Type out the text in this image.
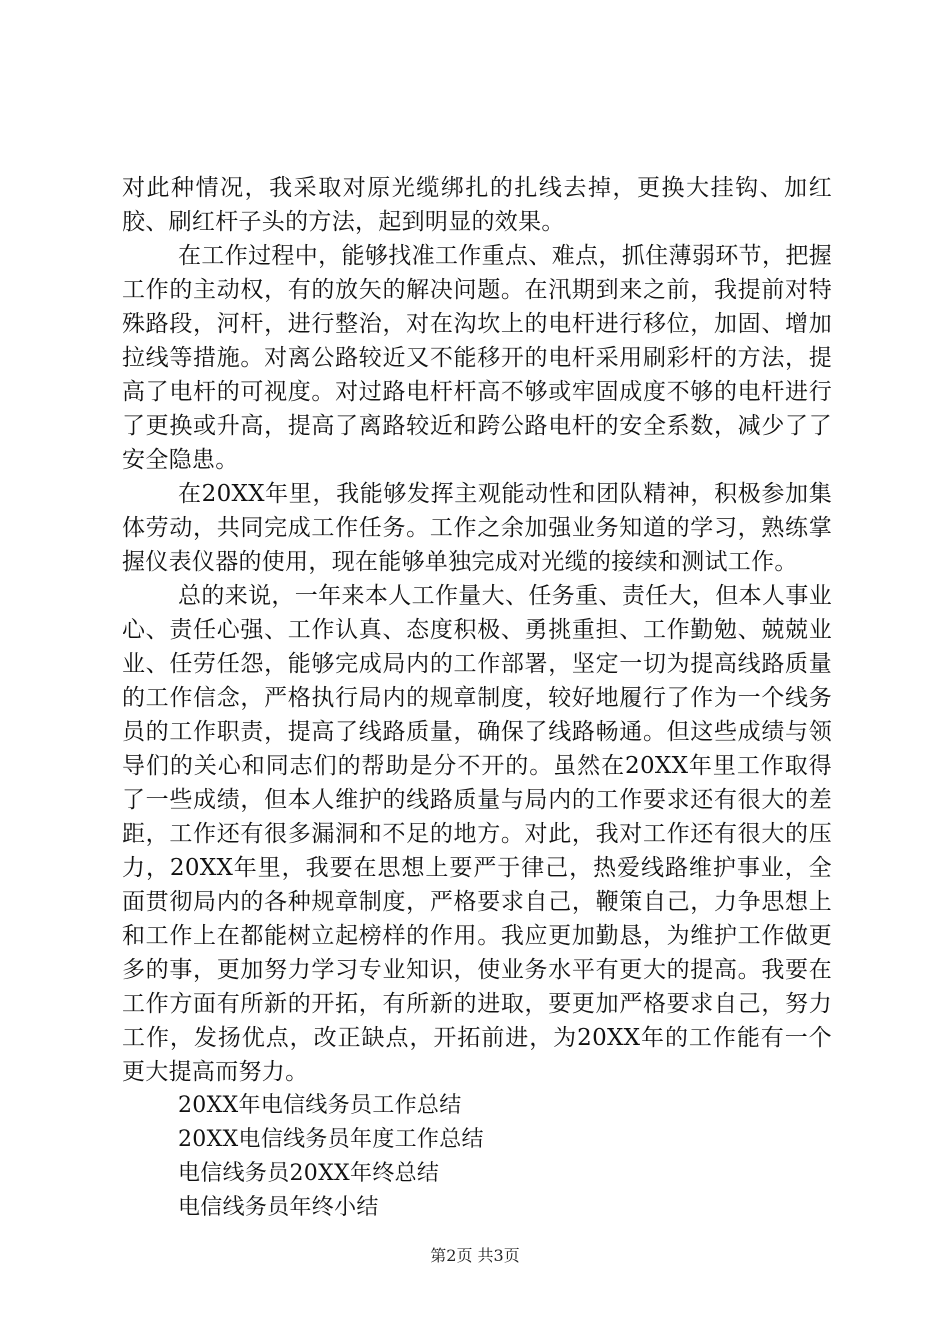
对此种情况，我采取对原光缆绑扎的扎线去掉，更换大挂钩、加红胶、刷红杆子头的方法，起到明显的效果。

在工作过程中，能够找准工作重点、难点，抓住薄弱环节，把握工作的主动权，有的放矢的解决问题。在汛期到来之前，我提前对特殊路段，河杆，进行整治，对在沟坎上的电杆进行移位，加固、增加拉线等措施。对离公路较近又不能移开的电杆采用刷彩杆的方法，提高了电杆的可视度。对过路电杆杆高不够或牢固成度不够的电杆进行了更换或升高，提高了离路较近和跨公路电杆的安全系数，减少了了安全隐患。

在20XX年里，我能够发挥主观能动性和团队精神，积极参加集体劳动，共同完成工作任务。工作之余加强业务知道的学习，熟练掌握仪表仪器的使用，现在能够单独完成对光缆的接续和测试工作。

总的来说，一年来本人工作量大、任务重、责任大，但本人事业心、责任心强、工作认真、态度积极、勇挑重担、工作勤勉、兢兢业业、任劳任怨，能够完成局内的工作部署，坚定一切为提高线路质量的工作信念，严格执行局内的规章制度，较好地履行了作为一个线务员的工作职责，提高了线路质量，确保了线路畅通。但这些成绩与领导们的关心和同志们的帮助是分不开的。虽然在20XX年里工作取得了一些成绩，但本人维护的线路质量与局内的工作要求还有很大的差距，工作还有很多漏洞和不足的地方。对此，我对工作还有很大的压力，20XX年里，我要在思想上要严于律己，热爱线路维护事业，全面贯彻局内的各种规章制度，严格要求自己，鞭策自己，力争思想上和工作上在都能树立起榜样的作用。我应更加勤恳，为维护工作做更多的事，更加努力学习专业知识，使业务水平有更大的提高。我要在工作方面有所新的开拓，有所新的进取，要更加严格要求自己，努力工作，发扬优点，改正缺点，开拓前进，为20XX年的工作能有一个更大提高而努力。

20XX年电信线务员工作总结
20XX电信线务员年度工作总结
电信线务员20XX年终总结
电信线务员年终小结
第2页 共3页
